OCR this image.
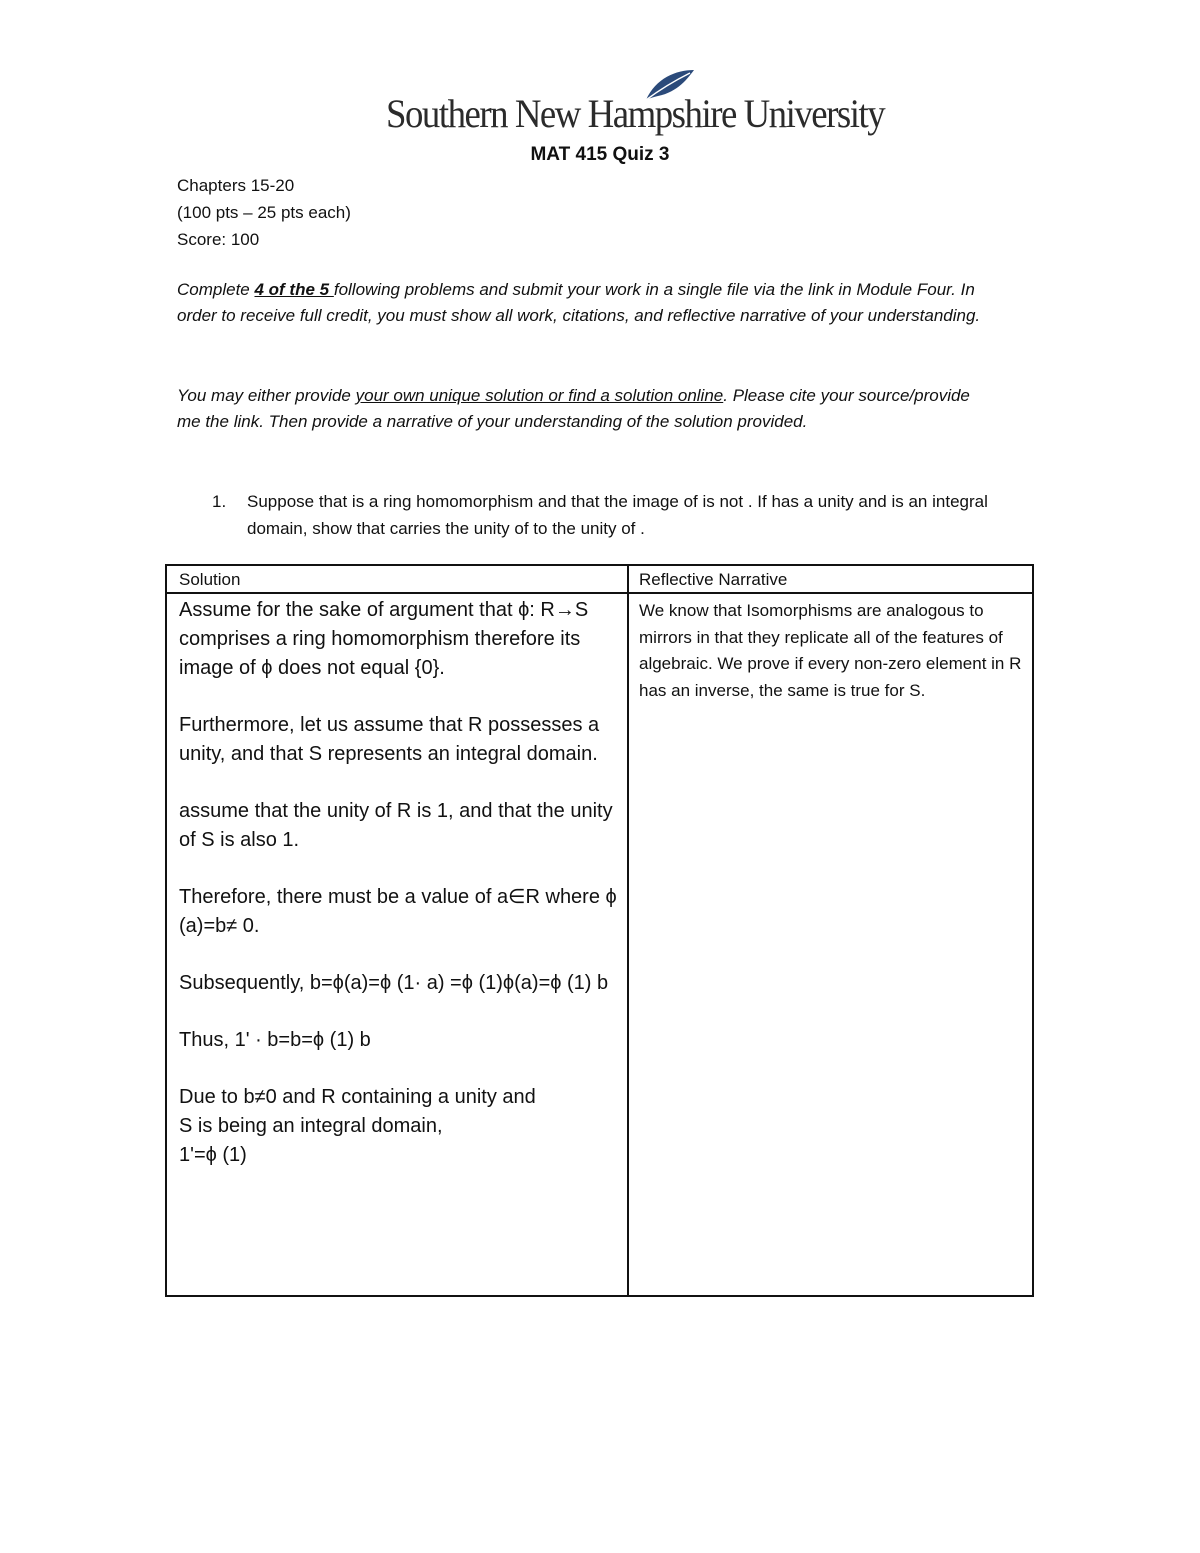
Southern New Hampshire University
MAT 415 Quiz 3
Chapters 15-20
(100 pts – 25 pts each)
Score: 100
Complete 4 of the 5 following problems and submit your work in a single file via the link in Module Four. In order to receive full credit, you must show all work, citations, and reflective narrative of your understanding.
You may either provide your own unique solution or find a solution online. Please cite your source/provide me the link. Then provide a narrative of your understanding of the solution provided.
1. Suppose that is a ring homomorphism and that the image of is not . If has a unity and is an integral domain, show that carries the unity of to the unity of .
Solution	Reflective Narrative

Assume for the sake of argument that ϕ: R→S comprises a ring homomorphism therefore its image of ϕ does not equal {0}.

Furthermore, let us assume that R possesses a unity, and that S represents an integral domain.

assume that the unity of R is 1, and that the unity of S is also 1.

Therefore, there must be a value of a∈R where ϕ (a)=b≠ 0.

Subsequently, b=ϕ(a)=ϕ (1· a) =ϕ (1)ϕ(a)=ϕ (1) b

Thus, 1' · b=b=ϕ (1) b

Due to b≠0 and R containing a unity and
S is being an integral domain,
1'=ϕ (1)
We know that Isomorphisms are analogous to mirrors in that they replicate all of the features of algebraic. We prove if every non-zero element in R has an inverse, the same is true for S.
